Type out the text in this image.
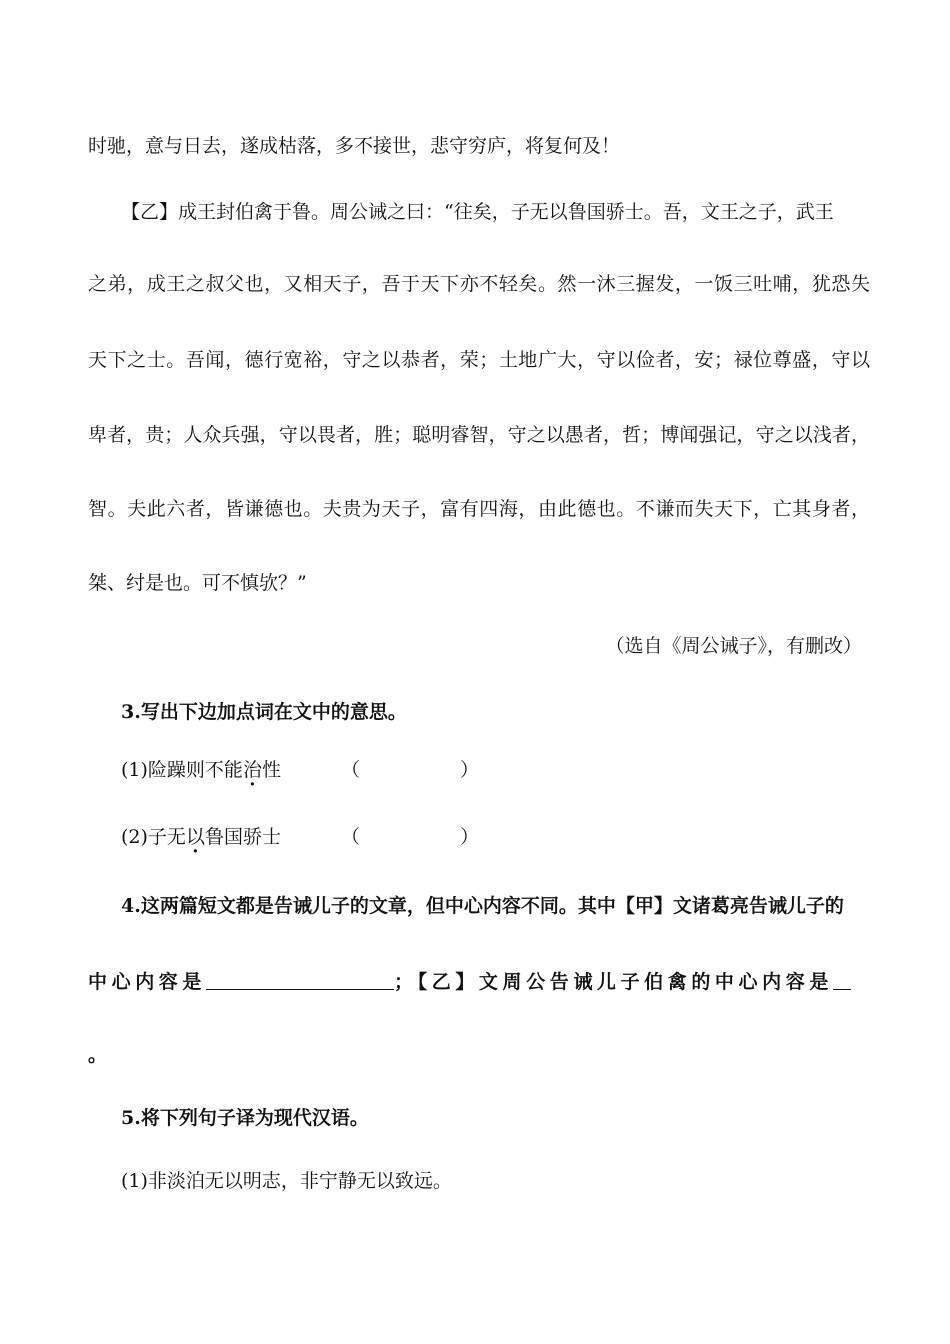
时驰，意与日去，遂成枯落，多不接世，悲守穷庐，将复何及！
【乙】成王封伯禽于鲁。周公诫之曰：“往矣，子无以鲁国骄士。吾，文王之子，武王
之弟，成王之叔父也，又相天子，吾于天下亦不轻矣。然一沐三握发，一饭三吐哺，犹恐失
天下之士。吾闻，德行宽裕，守之以恭者，荣；土地广大，守以俭者，安；禄位尊盛，守以
卑者，贵；人众兵强，守以畏者，胜；聪明睿智，守之以愚者，哲；博闻强记，守之以浅者，
智。夫此六者，皆谦德也。夫贵为天子，富有四海，由此德也。不谦而失天下，亡其身者，
桀、纣是也。可不慎欤？”
（选自《周公诫子》，有删改）
3.写出下边加点词在文中的意思。
(1)险躁则不能治性	（	）
(2)子无以鲁国骄士	（	）
4.这两篇短文都是告诫儿子的文章，但中心内容不同。其中【甲】文诸葛亮告诫儿子的
中心内容是	；【乙】文周公告诫儿子伯禽的中心内容是
。
5.将下列句子译为现代汉语。
(1)非淡泊无以明志，非宁静无以致远。
